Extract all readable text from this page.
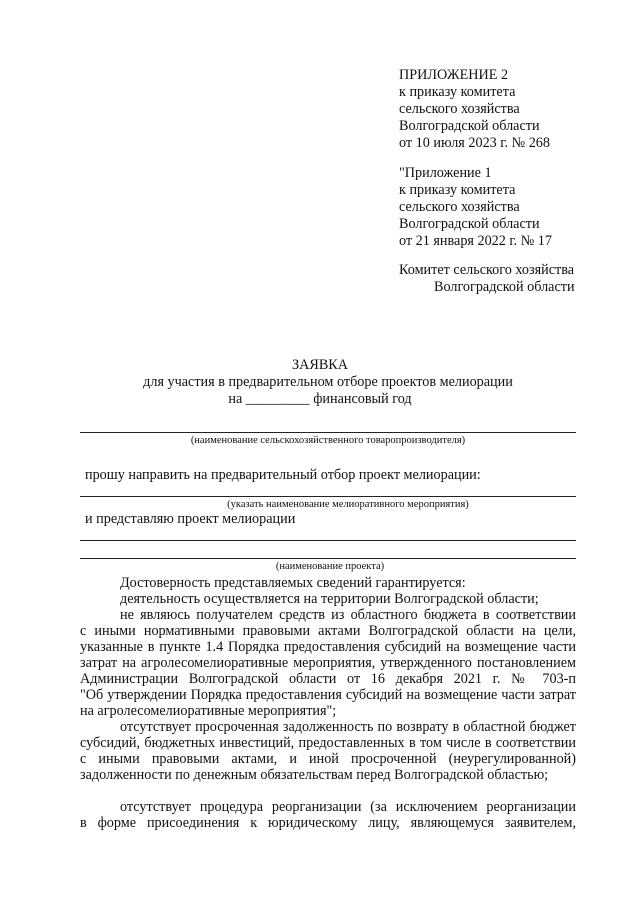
ПРИЛОЖЕНИЕ 2
к приказу комитета
сельского хозяйства
Волгоградской области
от 10 июля 2023 г. № 268
"Приложение 1
к приказу комитета
сельского хозяйства
Волгоградской области
от 21 января 2022 г. № 17
Комитет сельского хозяйства
Волгоградской области
ЗАЯВКА
для участия в предварительном отборе проектов мелиорации
на _________ финансовый год
(наименование сельскохозяйственного товаропроизводителя)
прошу направить на предварительный отбор проект мелиорации:
(указать наименование мелиоративного мероприятия)
и представляю проект мелиорации
(наименование проекта)
Достоверность представляемых сведений гарантируется:
деятельность осуществляется на территории Волгоградской области;
не являюсь получателем средств из областного бюджета в соответствии
с иными нормативными правовыми актами Волгоградской области на цели,
указанные в пункте 1.4 Порядка предоставления субсидий на возмещение части
затрат на агролесомелиоративные мероприятия, утвержденного постановлением
Администрации Волгоградской области от 16 декабря 2021 г. № 703-п
"Об утверждении Порядка предоставления субсидий на возмещение части затрат
на агролесомелиоративные мероприятия";
отсутствует просроченная задолженность по возврату в областной бюджет
субсидий, бюджетных инвестиций, предоставленных в том числе в соответствии
с иными правовыми актами, и иной просроченной (неурегулированной)
задолженности по денежным обязательствам перед Волгоградской областью;
отсутствует процедура реорганизации (за исключением реорганизации
в форме присоединения к юридическому лицу, являющемуся заявителем,
